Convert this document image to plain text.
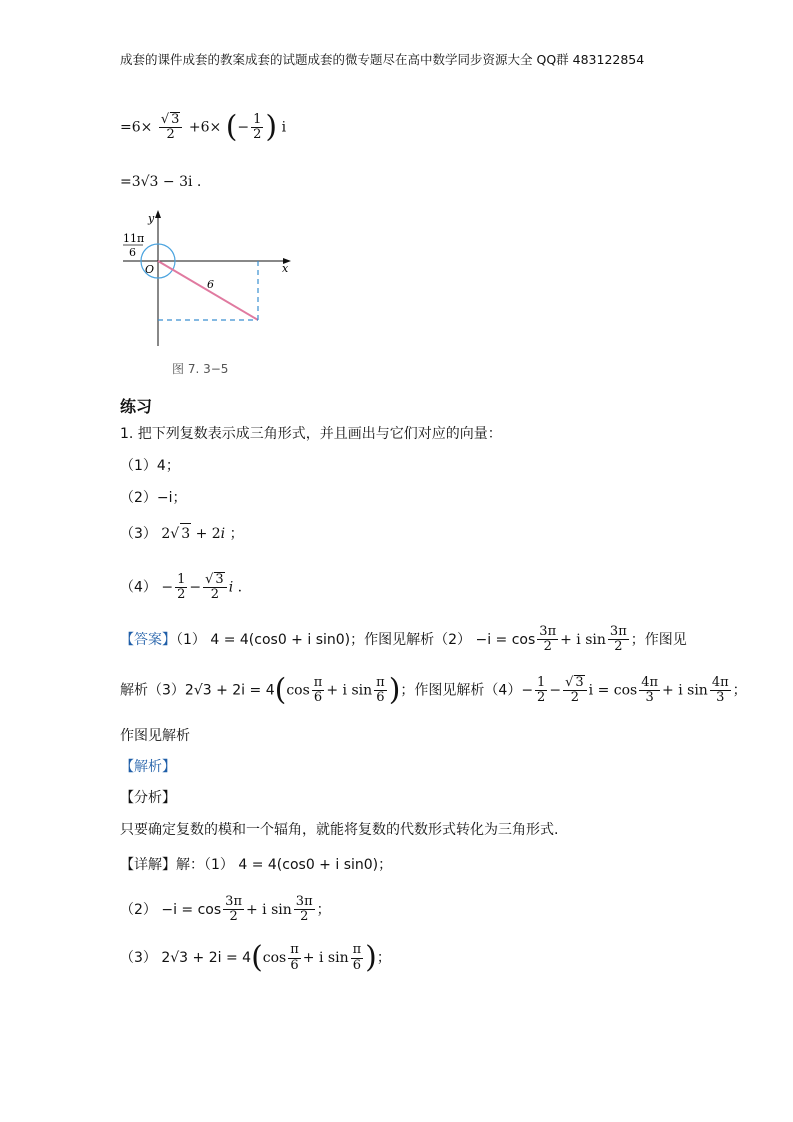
成套的课件成套的教案成套的试题成套的微专题尽在高中数学同步资源大全 QQ群 483122854
$=6\times \frac{√ 3}{2} +6\times$ (− $\frac{1}{2}$ ) i
=3√3 − 3i .
y
x
O
11π
6
6
图 7. 3−5
练习
1. 把下列复数表示成三角形式，并且画出与它们对应的向量：
（1）4；
（2）−i；
（3） 2√ 3 + 2i ；
$(4) - \frac{1}{2} - \frac{√ 3}{2}$ i .
【答案】（1） 4 = 4(cos0 + i sin0)；作图见解析$(2) -i = \cos \frac{3\pi}{2} + i$ $\sin \frac{3\pi}{2}$ ；作图见
解析$(3)2√3 + 2i = 4(\cos \frac{\pi}{6} + i$ $\sin \frac{\pi}{6}$ )；作图见解析$(4)- \frac{1}{2} - \frac{√ 3}{2}$ $i = \cos \frac{4\pi}{3} + i$ $\sin \frac{4\pi}{3}$ ；
作图见解析
【解析】
【分析】
只要确定复数的模和一个辐角，就能将复数的代数形式转化为三角形式.
【详解】解：（1） 4 = 4(cos0 + i sin0)；
$(2) -i = \cos \frac{3\pi}{2} + i$ $\sin \frac{3\pi}{2}$ ；
（3） $2√3 + 2i = 4(\cos \frac{\pi}{6} + i$ $\sin \frac{\pi}{6}$ )；
